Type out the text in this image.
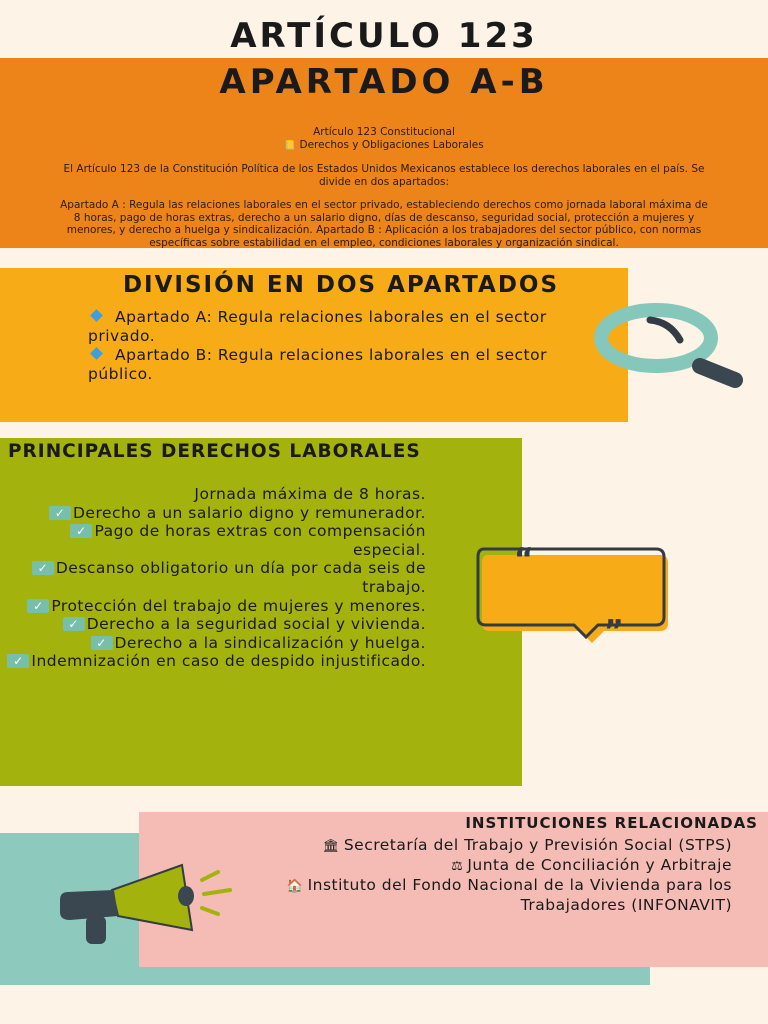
ARTÍCULO 123
APARTADO A-B

Artículo 123 Constitucional

📒 Derechos y Obligaciones Laborales

El Artículo 123 de la Constitución Política de los Estados Unidos Mexicanos establece los derechos laborales en el país. Se divide en dos apartados:

Apartado A : Regula las relaciones laborales en el sector privado, estableciendo derechos como jornada laboral máxima de 8 horas, pago de horas extras, derecho a un salario digno, días de descanso, seguridad social, protección a mujeres y menores, y derecho a huelga y sindicalización. Apartado B : Aplicación a los trabajadores del sector público, con normas específicas sobre estabilidad en el empleo, condiciones laborales y organización sindical.

DIVISIÓN EN DOS APARTADOS
Apartado A: Regula relaciones laborales en el sector privado.
Apartado B: Regula relaciones laborales en el sector público.
PRINCIPALES DERECHOS LABORALES
Jornada máxima de 8 horas.
✓ Derecho a un salario digno y remunerador.
✓ Pago de horas extras con compensación especial.
✓ Descanso obligatorio un día por cada seis de trabajo.
✓ Protección del trabajo de mujeres y menores.
✓ Derecho a la seguridad social y vivienda.
✓ Derecho a la sindicalización y huelga.
✓ Indemnización en caso de despido injustificado.
“
”
INSTITUCIONES RELACIONADAS
🏛 Secretaría del Trabajo y Previsión Social (STPS)
⚖ Junta de Conciliación y Arbitraje
🏠 Instituto del Fondo Nacional de la Vivienda para los Trabajadores (INFONAVIT)
